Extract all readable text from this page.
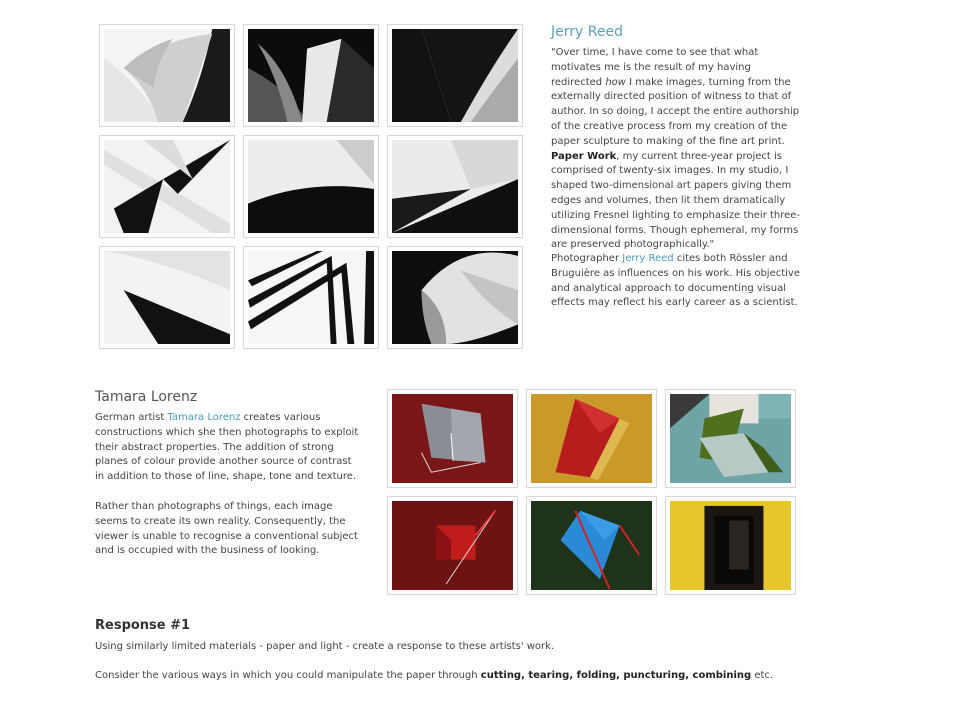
Jerry Reed

"Over time, I have come to see that what motivates me is the result of my having redirected how I make images, turning from the externally directed position of witness to that of author. In so doing, I accept the entire authorship of the creative process from my creation of the paper sculpture to making of the fine art print. Paper Work, my current three-year project is comprised of twenty-six images. In my studio, I shaped two-dimensional art papers giving them edges and volumes, then lit them dramatically utilizing Fresnel lighting to emphasize their three-dimensional forms. Though ephemeral, my forms are preserved photographically."

Photographer Jerry Reed cites both Rössler and Bruguière as influences on his work. His objective and analytical approach to documenting visual effects may reflect his early career as a scientist.

Tamara Lorenz

German artist Tamara Lorenz creates various constructions which she then photographs to exploit their abstract properties. The addition of strong planes of colour provide another source of contrast in addition to those of line, shape, tone and texture.

Rather than photographs of things, each image seems to create its own reality. Consequently, the viewer is unable to recognise a conventional subject and is occupied with the business of looking.

Response #1

Using similarly limited materials - paper and light - create a response to these artists' work.

Consider the various ways in which you could manipulate the paper through cutting, tearing, folding, puncturing, combining etc.
